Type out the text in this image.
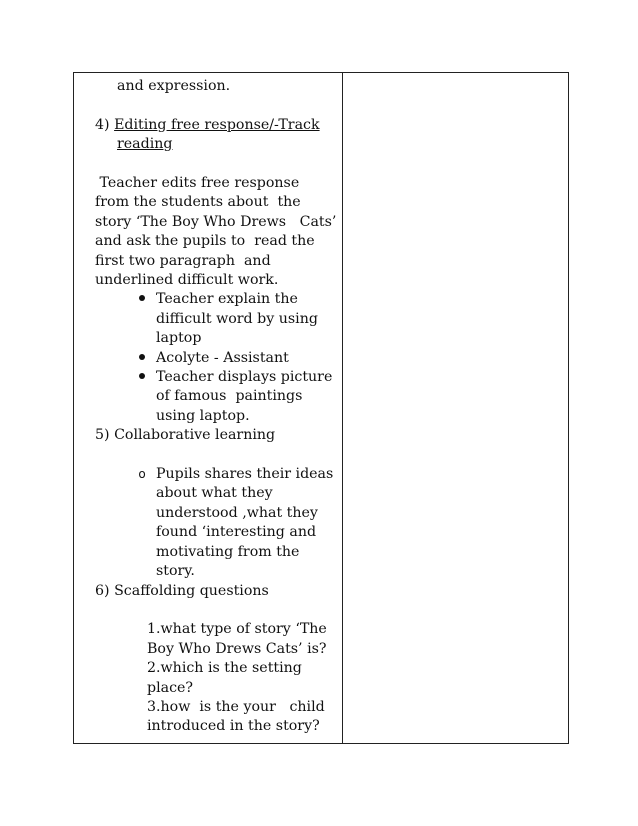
and expression.
4) Editing free response/-Track
reading
Teacher edits free response
from the students about  the
story ‘The Boy Who Drews   Cats’
and ask the pupils to  read the
first two paragraph  and
underlined difficult work.
Teacher explain the
difficult word by using
laptop
Acolyte - Assistant
Teacher displays picture
of famous  paintings
using laptop.
5) Collaborative learning
o Pupils shares their ideas
about what they
understood ,what they
found ‘interesting and
motivating from the
story.
6) Scaffolding questions
1.what type of story ‘The
Boy Who Drews Cats’ is?
2.which is the setting
place?
3.how  is the your   child
introduced in the story?
